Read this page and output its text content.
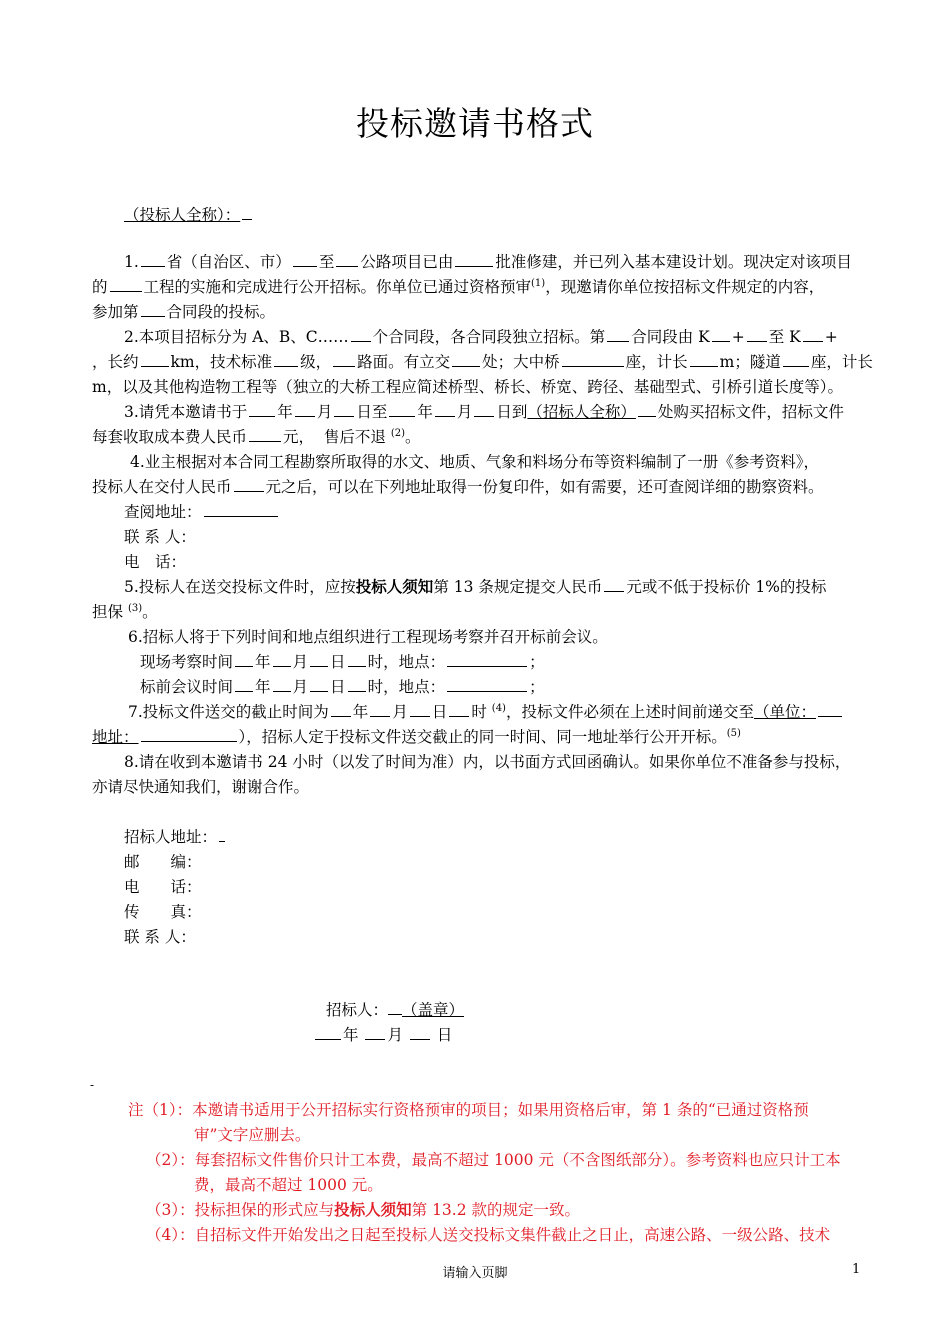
投标邀请书格式
（投标人全称）：
1. 省（自治区、市） 至 公路项目已由	批准修建，并已列入基本建设计划。现决定对该项目
的 工程的实施和完成进行公开招标。你单位已通过资格预审$^{(1)}$，现邀请你单位按招标文件规定的内容，
参加第 合同段的投标。
2.本项目招标分为 A、B、C…… 个合同段，各合同段独立招标。第 合同段由 K + 至 K +
，长约 km，技术标准 级， 路面。有立交 处；大中桥	座，计长 m；隧道 座，计长
m，以及其他构造物工程等（独立的大桥工程应简述桥型、桥长、桥宽、跨径、基础型式、引桥引道长度等）。
3.请凭本邀请书于 年 月 日至 年 月 日到（招标人全称） 处购买招标文件，招标文件
每套收取成本费人民币 元， 售后不退 $^{(2)}$。
4.业主根据对本合同工程勘察所取得的水文、地质、气象和料场分布等资料编制了一册《参考资料》，
投标人在交付人民币 元之后，可以在下列地址取得一份复印件，如有需要，还可查阅详细的勘察资料。
查阅地址：
联 系 人：
电　话：
5.投标人在送交投标文件时，应按投标人须知第 13 条规定提交人民币 元或不低于投标价 1%的投标
担保 $^{(3)}$。
6.招标人将于下列时间和地点组织进行工程现场考察并召开标前会议。
现场考察时间 年 月 日 时，地点：	；
标前会议时间 年 月 日 时，地点：	；
7.投标文件送交的截止时间为 年 月 日 时 $^{(4)}$，投标文件必须在上述时间前递交至（单位：
地址：	），招标人定于投标文件送交截止的同一时间、同一地址举行公开开标。$^{(5)}$
8.请在收到本邀请书 24 小时（以发了时间为准）内，以书面方式回函确认。如果你单位不准备参与投标，
亦请尽快通知我们，谢谢合作。
招标人地址：
邮　　编：
电　　话：
传　　真：
联 系 人：
招标人： （盖章）
年 月 日
-
注（1）：本邀请书适用于公开招标实行资格预审的项目；如果用资格后审，第 1 条的“已通过资格预
审”文字应删去。
（2）：每套招标文件售价只计工本费，最高不超过 1000 元（不含图纸部分）。参考资料也应只计工本
费，最高不超过 1000 元。
（3）：投标担保的形式应与投标人须知第 13.2 款的规定一致。
（4）：自招标文件开始发出之日起至投标人送交投标文集件截止之日止，高速公路、一级公路、技术
请输入页脚	1
